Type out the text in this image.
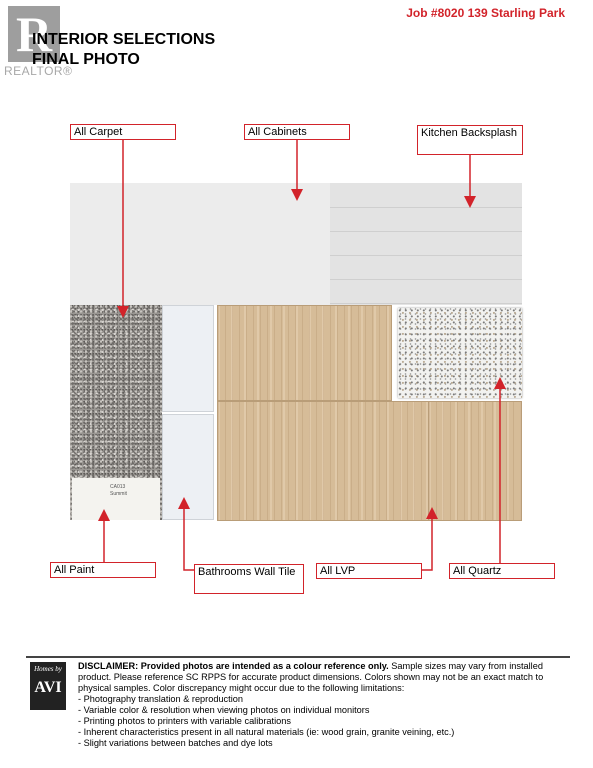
R
REALTOR®
Job #8020 139 Starling Park
INTERIOR SELECTIONS
FINAL PHOTO
CA013
Summit
All Carpet	All Cabinets	Kitchen Backsplash
All Paint	Bathrooms Wall Tile	All LVP	All Quartz
Homes by
AVI
DISCLAIMER: Provided photos are intended as a colour reference only. Sample sizes may vary from installed product. Please reference SC RPPS for accurate product dimensions. Colors shown may not be an exact match to physical samples. Color discrepancy might occur due to the following limitations:
- Photography translation & reproduction
- Variable color & resolution when viewing photos on individual monitors
- Printing photos to printers with variable calibrations
- Inherent characteristics present in all natural materials (ie: wood grain, granite veining, etc.)
- Slight variations between batches and dye lots
